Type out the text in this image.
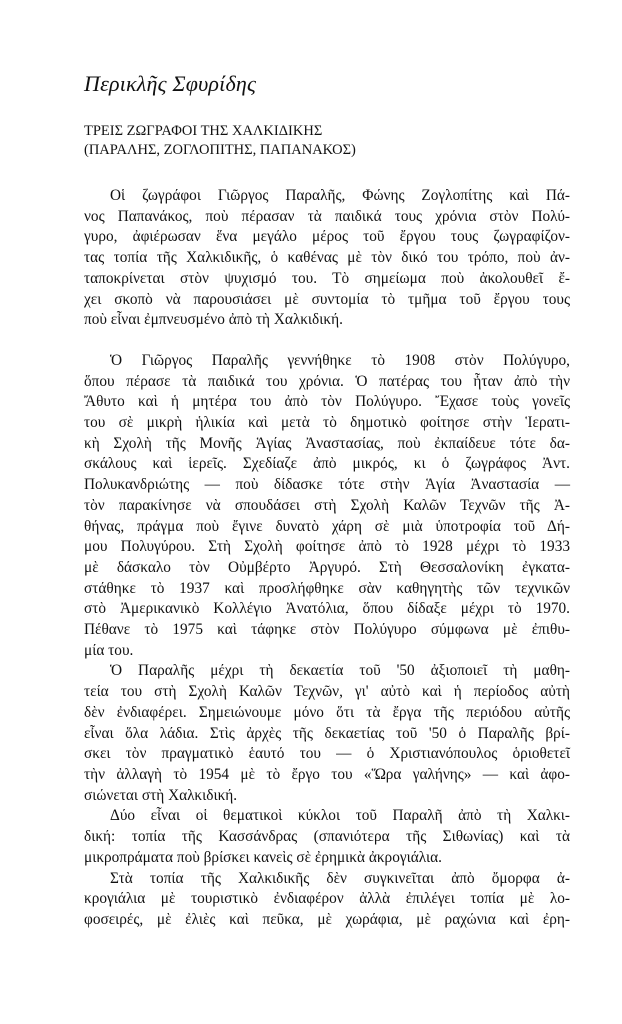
Περικλῆς Σφυρίδης
ΤΡΕΙΣ ΖΩΓΡΑΦΟΙ ΤΗΣ ΧΑΛΚΙΔΙΚΗΣ
(ΠΑΡΑΛΗΣ, ΖΟΓΛΟΠΙΤΗΣ, ΠΑΠΑΝΑΚΟΣ)
Οἱ ζωγράφοι Γιῶργος Παραλῆς, Φώνης Ζογλοπίτης καὶ Πά-
νος Παπανάκος, ποὺ πέρασαν τὰ παιδικά τους χρόνια στὸν Πολύ-
γυρο, ἀφιέρωσαν ἕνα μεγάλο μέρος τοῦ ἔργου τους ζωγραφίζον-
τας τοπία τῆς Χαλκιδικῆς, ὁ καθένας μὲ τὸν δικό του τρόπο, ποὺ ἀν-
ταποκρίνεται στὸν ψυχισμό του. Τὸ σημείωμα ποὺ ἀκολουθεῖ ἔ-
χει σκοπὸ νὰ παρουσιάσει μὲ συντομία τὸ τμῆμα τοῦ ἔργου τους
ποὺ εἶναι ἐμπνευσμένο ἀπὸ τὴ Χαλκιδική.
Ὁ Γιῶργος Παραλῆς γεννήθηκε τὸ 1908 στὸν Πολύγυρο,
ὅπου πέρασε τὰ παιδικά του χρόνια. Ὁ πατέρας του ἦταν ἀπὸ τὴν
Ἄθυτο καὶ ἡ μητέρα του ἀπὸ τὸν Πολύγυρο. Ἔχασε τοὺς γονεῖς
του σὲ μικρὴ ἡλικία καὶ μετὰ τὸ δημοτικὸ φοίτησε στὴν Ἱερατι-
κὴ Σχολὴ τῆς Μονῆς Ἁγίας Ἀναστασίας, ποὺ ἐκπαίδευε τότε δα-
σκάλους καὶ ἱερεῖς. Σχεδίαζε ἀπὸ μικρός, κι ὁ ζωγράφος Ἀντ.
Πολυκανδριώτης — ποὺ δίδασκε τότε στὴν Ἁγία Ἀναστασία —
τὸν παρακίνησε νὰ σπουδάσει στὴ Σχολὴ Καλῶν Τεχνῶν τῆς Ἀ-
θήνας, πράγμα ποὺ ἔγινε δυνατὸ χάρη σὲ μιὰ ὑποτροφία τοῦ Δή-
μου Πολυγύρου. Στὴ Σχολὴ φοίτησε ἀπὸ τὸ 1928 μέχρι τὸ 1933
μὲ δάσκαλο τὸν Οὐμβέρτο Ἀργυρό. Στὴ Θεσσαλονίκη ἐγκατα-
στάθηκε τὸ 1937 καὶ προσλήφθηκε σὰν καθηγητὴς τῶν τεχνικῶν
στὸ Ἀμερικανικὸ Κολλέγιο Ἀνατόλια, ὅπου δίδαξε μέχρι τὸ 1970.
Πέθανε τὸ 1975 καὶ τάφηκε στὸν Πολύγυρο σύμφωνα μὲ ἐπιθυ-
μία του.
Ὁ Παραλῆς μέχρι τὴ δεκαετία τοῦ '50 ἀξιοποιεῖ τὴ μαθη-
τεία του στὴ Σχολὴ Καλῶν Τεχνῶν, γι' αὐτὸ καὶ ἡ περίοδος αὐτὴ
δὲν ἐνδιαφέρει. Σημειώνουμε μόνο ὅτι τὰ ἔργα τῆς περιόδου αὐτῆς
εἶναι ὅλα λάδια. Στὶς ἀρχὲς τῆς δεκαετίας τοῦ '50 ὁ Παραλῆς βρί-
σκει τὸν πραγματικὸ ἑαυτό του — ὁ Χριστιανόπουλος ὁριοθετεῖ
τὴν ἀλλαγὴ τὸ 1954 μὲ τὸ ἔργο του «Ὥρα γαλήνης» — καὶ ἀφο-
σιώνεται στὴ Χαλκιδική.
Δύο εἶναι οἱ θεματικοὶ κύκλοι τοῦ Παραλῆ ἀπὸ τὴ Χαλκι-
δική: τοπία τῆς Κασσάνδρας (σπανιότερα τῆς Σιθωνίας) καὶ τὰ
μικροπράματα ποὺ βρίσκει κανεὶς σὲ ἐρημικὰ ἀκρογιάλια.
Στὰ τοπία τῆς Χαλκιδικῆς δὲν συγκινεῖται ἀπὸ ὄμορφα ἀ-
κρογιάλια μὲ τουριστικὸ ἐνδιαφέρον ἀλλὰ ἐπιλέγει τοπία μὲ λο-
φοσειρές, μὲ ἐλιὲς καὶ πεῦκα, μὲ χωράφια, μὲ ραχώνια καὶ ἐρη-
